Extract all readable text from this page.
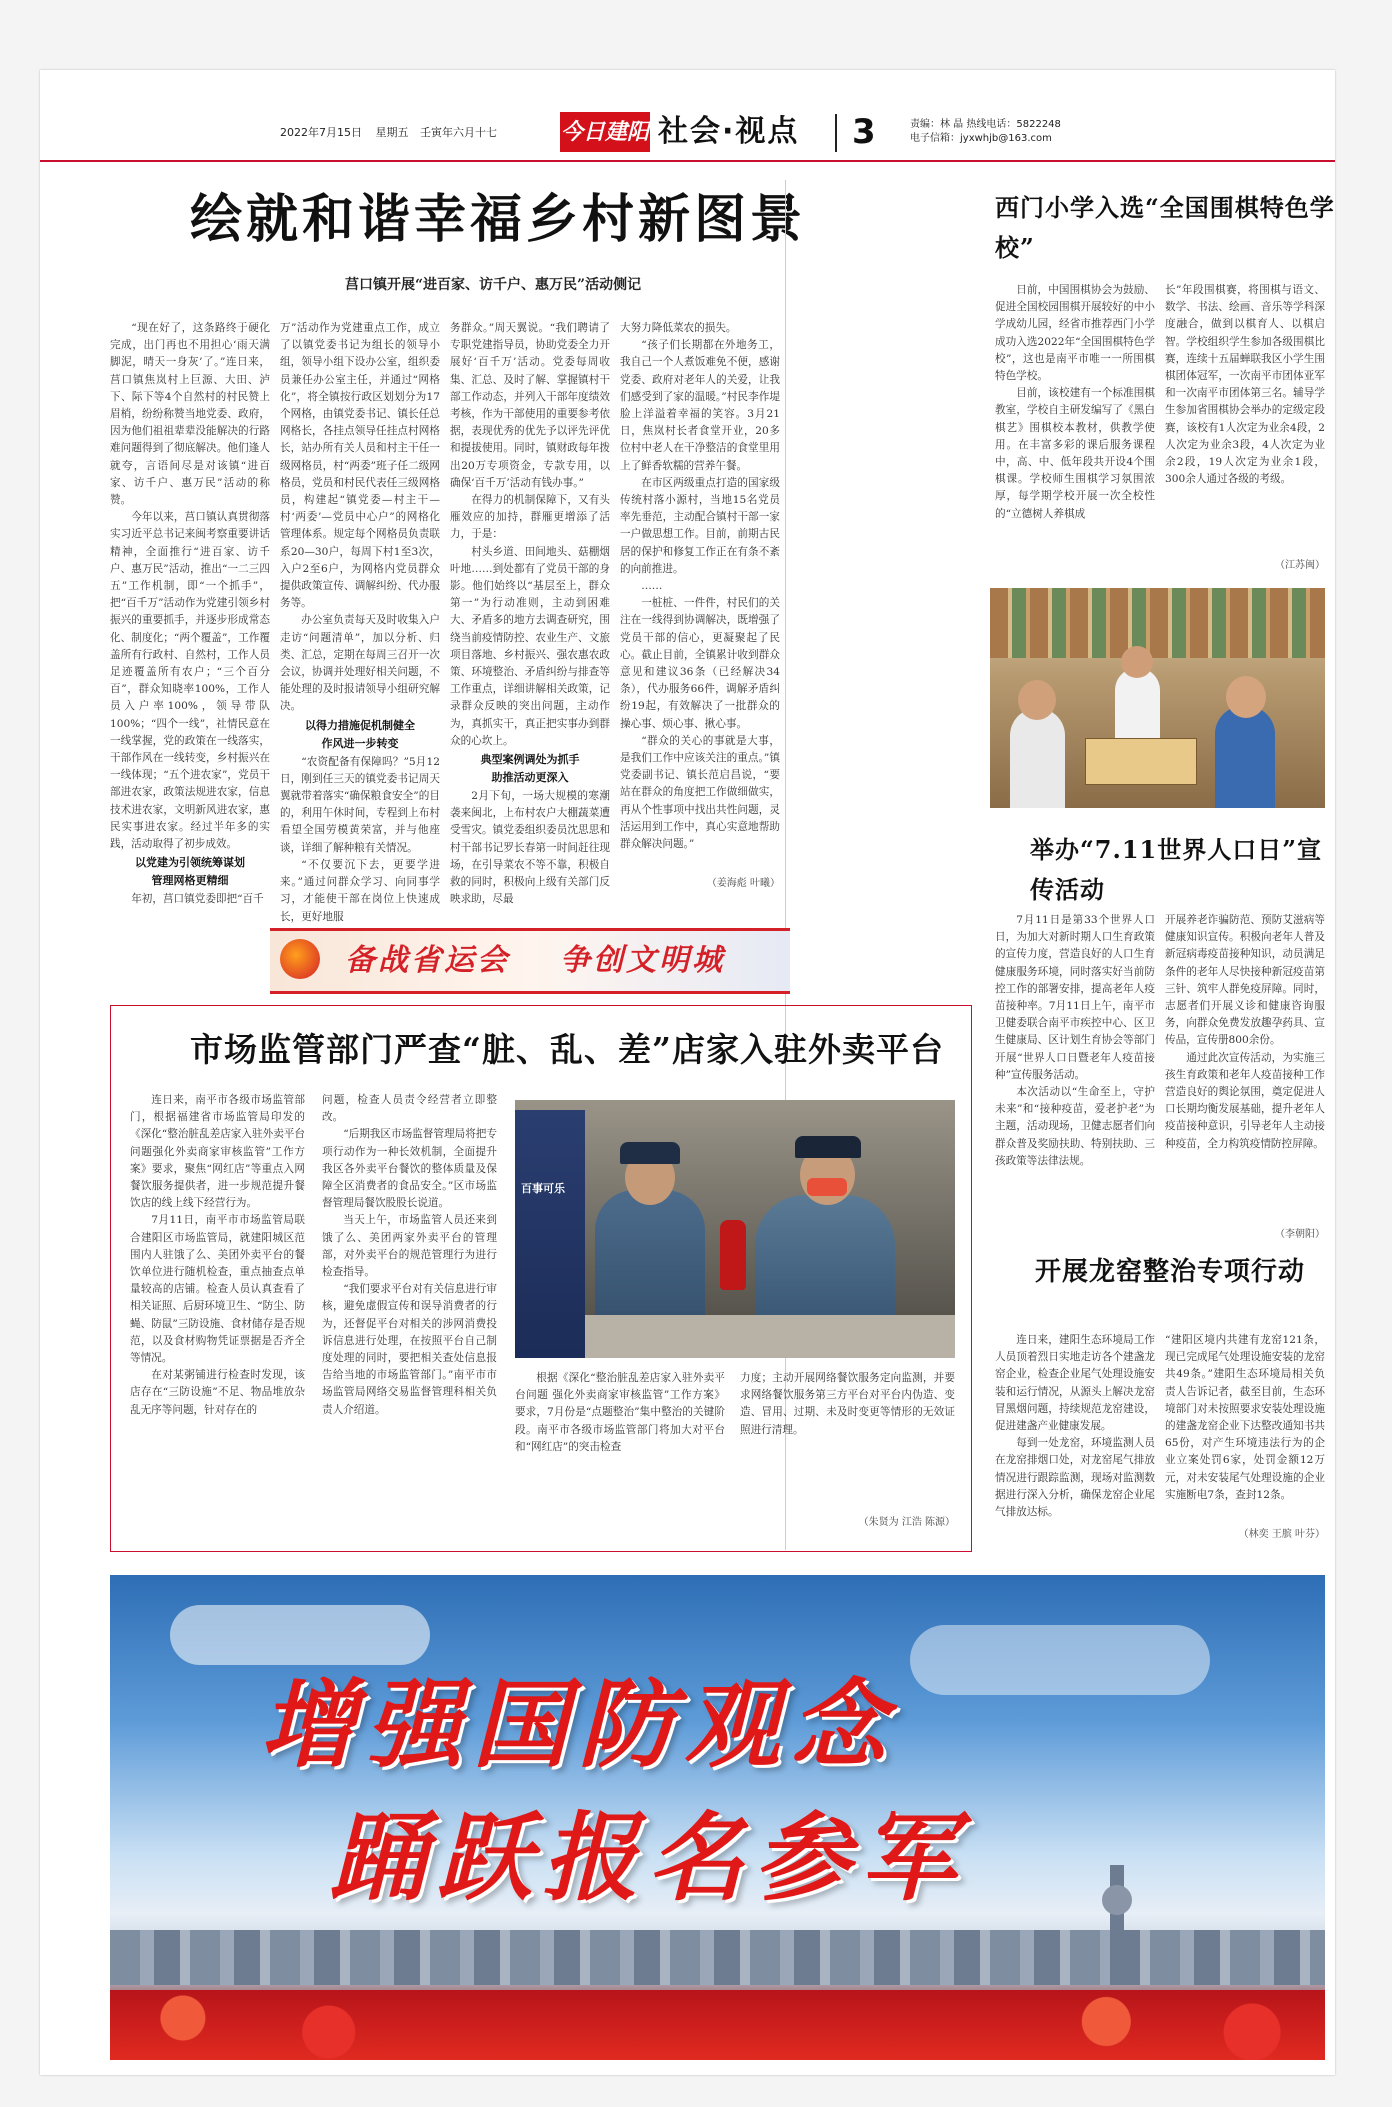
2022年7月15日 星期五 壬寅年六月十七	今日建阳 社会·视点 3	责编：林 晶 热线电话：5822248
电子信箱：jyxwhjb@163.com
绘就和谐幸福乡村新图景
莒口镇开展“进百家、访千户、惠万民”活动侧记

“现在好了，这条路终于硬化完成，出门再也不用担心‘雨天满脚泥，晴天一身灰’了。”连日来，莒口镇焦岚村上巨源、大田、泸下、际下等4个自然村的村民赞上眉梢，纷纷称赞当地党委、政府，因为他们祖祖辈辈没能解决的行路难问题得到了彻底解决。他们逢人就夸，言语间尽是对该镇“进百家、访千户、惠万民”活动的称赞。

今年以来，莒口镇认真贯彻落实习近平总书记来闽考察重要讲话精神，全面推行“进百家、访千户、惠万民”活动，推出“一二三四五”工作机制，即“一个抓手”，把“百千万”活动作为党建引领乡村振兴的重要抓手，并逐步形成常态化、制度化；“两个覆盖”，工作覆盖所有行政村、自然村，工作人员足迹覆盖所有农户；“三个百分百”，群众知晓率100%，工作人员入户率100%，领导带队100%；“四个一线”，社情民意在一线掌握，党的政策在一线落实，干部作风在一线转变，乡村振兴在一线体现；“五个进农家”，党员干部进农家，政策法规进农家，信息技术进农家，文明新风进农家，惠民实事进农家。经过半年多的实践，活动取得了初步成效。

以党建为引领统筹谋划
管理网格更精细

年初，莒口镇党委即把“百千

万”活动作为党建重点工作，成立了以镇党委书记为组长的领导小组，领导小组下设办公室，组织委员兼任办公室主任，并通过“网格化”，将全镇按行政区划划分为17个网格，由镇党委书记、镇长任总网格长，各挂点领导任挂点村网格长，站办所有关人员和村主干任一级网格员，村“两委”班子任二级网格员，党员和村民代表任三级网格员，构建起“镇党委—村主干—村‘两委’—党员中心户”的网格化管理体系。规定每个网格员负责联系20—30户，每周下村1至3次，入户2至6户，为网格内党员群众提供政策宣传、调解纠纷、代办服务等。

办公室负责每天及时收集入户走访“问题清单”，加以分析、归类、汇总，定期在每周三召开一次会议，协调并处理好相关问题，不能处理的及时报请领导小组研究解决。

以得力措施促机制健全
作风进一步转变

“农资配备有保障吗？”5月12日，刚到任三天的镇党委书记周天翼就带着落实“确保粮食安全”的目的，利用午休时间，专程到上布村看望全国劳模黄荣富，并与他座谈，详细了解种粮有关情况。

“不仅要沉下去，更要学进来。”通过问群众学习、向同事学习，才能使干部在岗位上快速成长，更好地服

务群众。”周天翼说。“我们聘请了专职党建指导员，协助党委全力开展好‘百千万’活动。党委每周收集、汇总、及时了解、掌握镇村干部工作动态，并列入干部年度绩效考核，作为干部使用的重要参考依据，表现优秀的优先予以评先评优和提拔使用。同时，镇财政每年拨出20万专项资金，专款专用，以确保‘百千万’活动有钱办事。”

在得力的机制保障下，又有头雁效应的加持，群雁更增添了活力，于是：

村头乡道、田间地头、菇棚烟叶地……到处都有了党员干部的身影。他们始终以“基层至上，群众第一”为行动准则，主动到困难大、矛盾多的地方去调查研究，围绕当前疫情防控、农业生产、文旅项目落地、乡村振兴、强农惠农政策、环境整治、矛盾纠纷与排查等工作重点，详细讲解相关政策，记录群众反映的突出问题，主动作为，真抓实干，真正把实事办到群众的心坎上。

典型案例调处为抓手
助推活动更深入

2月下旬，一场大规模的寒潮袭来闽北，上布村农户大棚蔬菜遭受雪灾。镇党委组织委员沈思思和村干部书记罗长春第一时间赶往现场，在引导菜农不等不靠，积极自救的同时，积极向上级有关部门反映求助，尽最

大努力降低菜农的损失。

“孩子们长期都在外地务工，我自己一个人煮饭难免不便，感谢党委、政府对老年人的关爱，让我们感受到了家的温暖。”村民李作堤脸上洋溢着幸福的笑容。3月21日，焦岚村长者食堂开业，20多位村中老人在干净整洁的食堂里用上了鲜香软糯的营养午餐。

在市区两级重点打造的国家级传统村落小源村，当地15名党员率先垂范，主动配合镇村干部一家一户做思想工作。目前，前期古民居的保护和修复工作正在有条不紊的向前推进。

……

一桩桩、一件件，村民们的关注在一线得到协调解决，既增强了党员干部的信心，更凝聚起了民心。截止目前，全镇累计收到群众意见和建议36条（已经解决34条），代办服务66件，调解矛盾纠纷19起，有效解决了一批群众的操心事、烦心事、揪心事。

“群众的关心的事就是大事，是我们工作中应该关注的重点。”镇党委副书记、镇长范启昌说，“要站在群众的角度把工作做细做实，再从个性事项中找出共性问题，灵活运用到工作中，真心实意地帮助群众解决问题。”

（姜海彪 叶曦）
备战省运会 争创文明城
市场监管部门严查“脏、乱、差”店家入驻外卖平台

连日来，南平市各级市场监管部门，根据福建省市场监管局印发的《深化“整治脏乱差店家入驻外卖平台问题强化外卖商家审核监管”工作方案》要求，聚焦“网红店”等重点入网餐饮服务提供者，进一步规范提升餐饮店的线上线下经营行为。

7月11日，南平市市场监管局联合建阳区市场监管局，就建阳城区范围内人驻饿了么、美团外卖平台的餐饮单位进行随机检查，重点抽查点单量较高的店铺。检查人员认真查看了相关证照、后厨环境卫生、“防尘、防蝇、防鼠”三防设施、食材储存是否规范，以及食材购物凭证票据是否齐全等情况。

在对某粥铺进行检查时发现，该店存在“三防设施”不足、物品堆放杂乱无序等问题，针对存在的

问题，检查人员责令经营者立即整改。

“后期我区市场监督管理局将把专项行动作为一种长效机制，全面提升我区各外卖平台餐饮的整体质量及保障全区消费者的食品安全。”区市场监督管理局餐饮股股长说道。

当天上午，市场监管人员还来到饿了么、美团两家外卖平台的管理部，对外卖平台的规范管理行为进行检查指导。

“我们要求平台对有关信息进行审核，避免虚假宣传和误导消费者的行为，还督促平台对相关的涉网消费投诉信息进行处理，在按照平台自己制度处理的同时，要把相关查处信息报告给当地的市场监管部门。”南平市市场监管局网络交易监督管理科相关负责人介绍道。

百事可乐

根据《深化“整治脏乱差店家入驻外卖平台问题 强化外卖商家审核监管”工作方案》要求，7月份是“点题整治”集中整治的关键阶段。南平市各级市场监管部门将加大对平台和“网红店”的突击检查

力度；主动开展网络餐饮服务定向监测，并要求网络餐饮服务第三方平台对平台内伪造、变造、冒用、过期、未及时变更等情形的无效证照进行清理。

（朱贤为 江浩 陈源）
西门小学入选“全国围棋特色学校”

日前，中国围棋协会为鼓励、促进全国校园围棋开展较好的中小学成幼儿园，经省市推荐西门小学成功入选2022年“全国围棋特色学校”，这也是南平市唯一一所围棋特色学校。

目前，该校建有一个标准围棋教室，学校自主研发编写了《黑白棋艺》围棋校本教材，供教学使用。在丰富多彩的课后服务课程中，高、中、低年段共开设4个围棋课。学校师生围棋学习氛围浓厚，每学期学校开展一次全校性的“立德树人养棋成

长”年段围棋赛，将围棋与语文、数学、书法、绘画、音乐等学科深度融合，做到以棋育人、以棋启智。学校组织学生参加各级围棋比赛，连续十五届蝉联我区小学生围棋团体冠军，一次南平市团体亚军和一次南平市团体第三名。辅导学生参加省围棋协会举办的定级定段赛，该校有1人次定为业余4段，2人次定为业余3段，4人次定为业余2段，19人次定为业余1段，300余人通过各级的考级。

（江苏闽）
举办“7.11世界人口日”宣传活动

7月11日是第33个世界人口日，为加大对新时期人口生育政策的宣传力度，营造良好的人口生育健康服务环境，同时落实好当前防控工作的部署安排，提高老年人疫苗接种率。7月11日上午，南平市卫健委联合南平市疾控中心、区卫生健康局、区计划生育协会等部门开展“世界人口日暨老年人疫苗接种”宣传服务活动。

本次活动以“生命至上，守护未来”和“接种疫苗，爱老护老”为主题，活动现场，卫健志愿者们向群众普及奖励扶助、特别扶助、三孩政策等法律法规。

开展养老诈骗防范、预防艾滋病等健康知识宣传。积极向老年人普及新冠病毒疫苗接种知识，动员满足条件的老年人尽快接种新冠疫苗第三针、筑牢人群免疫屏障。同时，志愿者们开展义诊和健康咨询服务，向群众免费发放趣孕药具、宣传品，宣传册800余份。

通过此次宣传活动，为实施三孩生育政策和老年人疫苗接种工作营造良好的舆论氛围，奠定促进人口长期均衡发展基础，提升老年人疫苗接种意识，引导老年人主动接种疫苗，全力构筑疫情防控屏障。

（李朝阳）
开展龙窑整治专项行动

连日来，建阳生态环境局工作人员顶着烈日实地走访各个建盏龙窑企业，检查企业尾气处理设施安装和运行情况，从源头上解决龙窑冒黑烟问题，持续规范龙窑建设，促进建盏产业健康发展。

每到一处龙窑，环境监测人员在龙窑排烟口处，对龙窑尾气排放情况进行跟踪监测，现场对监测数据进行深入分析，确保龙窑企业尾气排放达标。

“建阳区境内共建有龙窑121条，现已完成尾气处理设施安装的龙窑共49条。”建阳生态环境局相关负责人告诉记者，截至目前，生态环境部门对未按照要求安装处理设施的建盏龙窑企业下达整改通知书共65份，对产生环境违法行为的企业立案处罚6家，处罚金额12万元，对未安装尾气处理设施的企业实施断电7条，查封12条。

（林奕 王膑 叶芬）
增强国防观念
踊跃报名参军
